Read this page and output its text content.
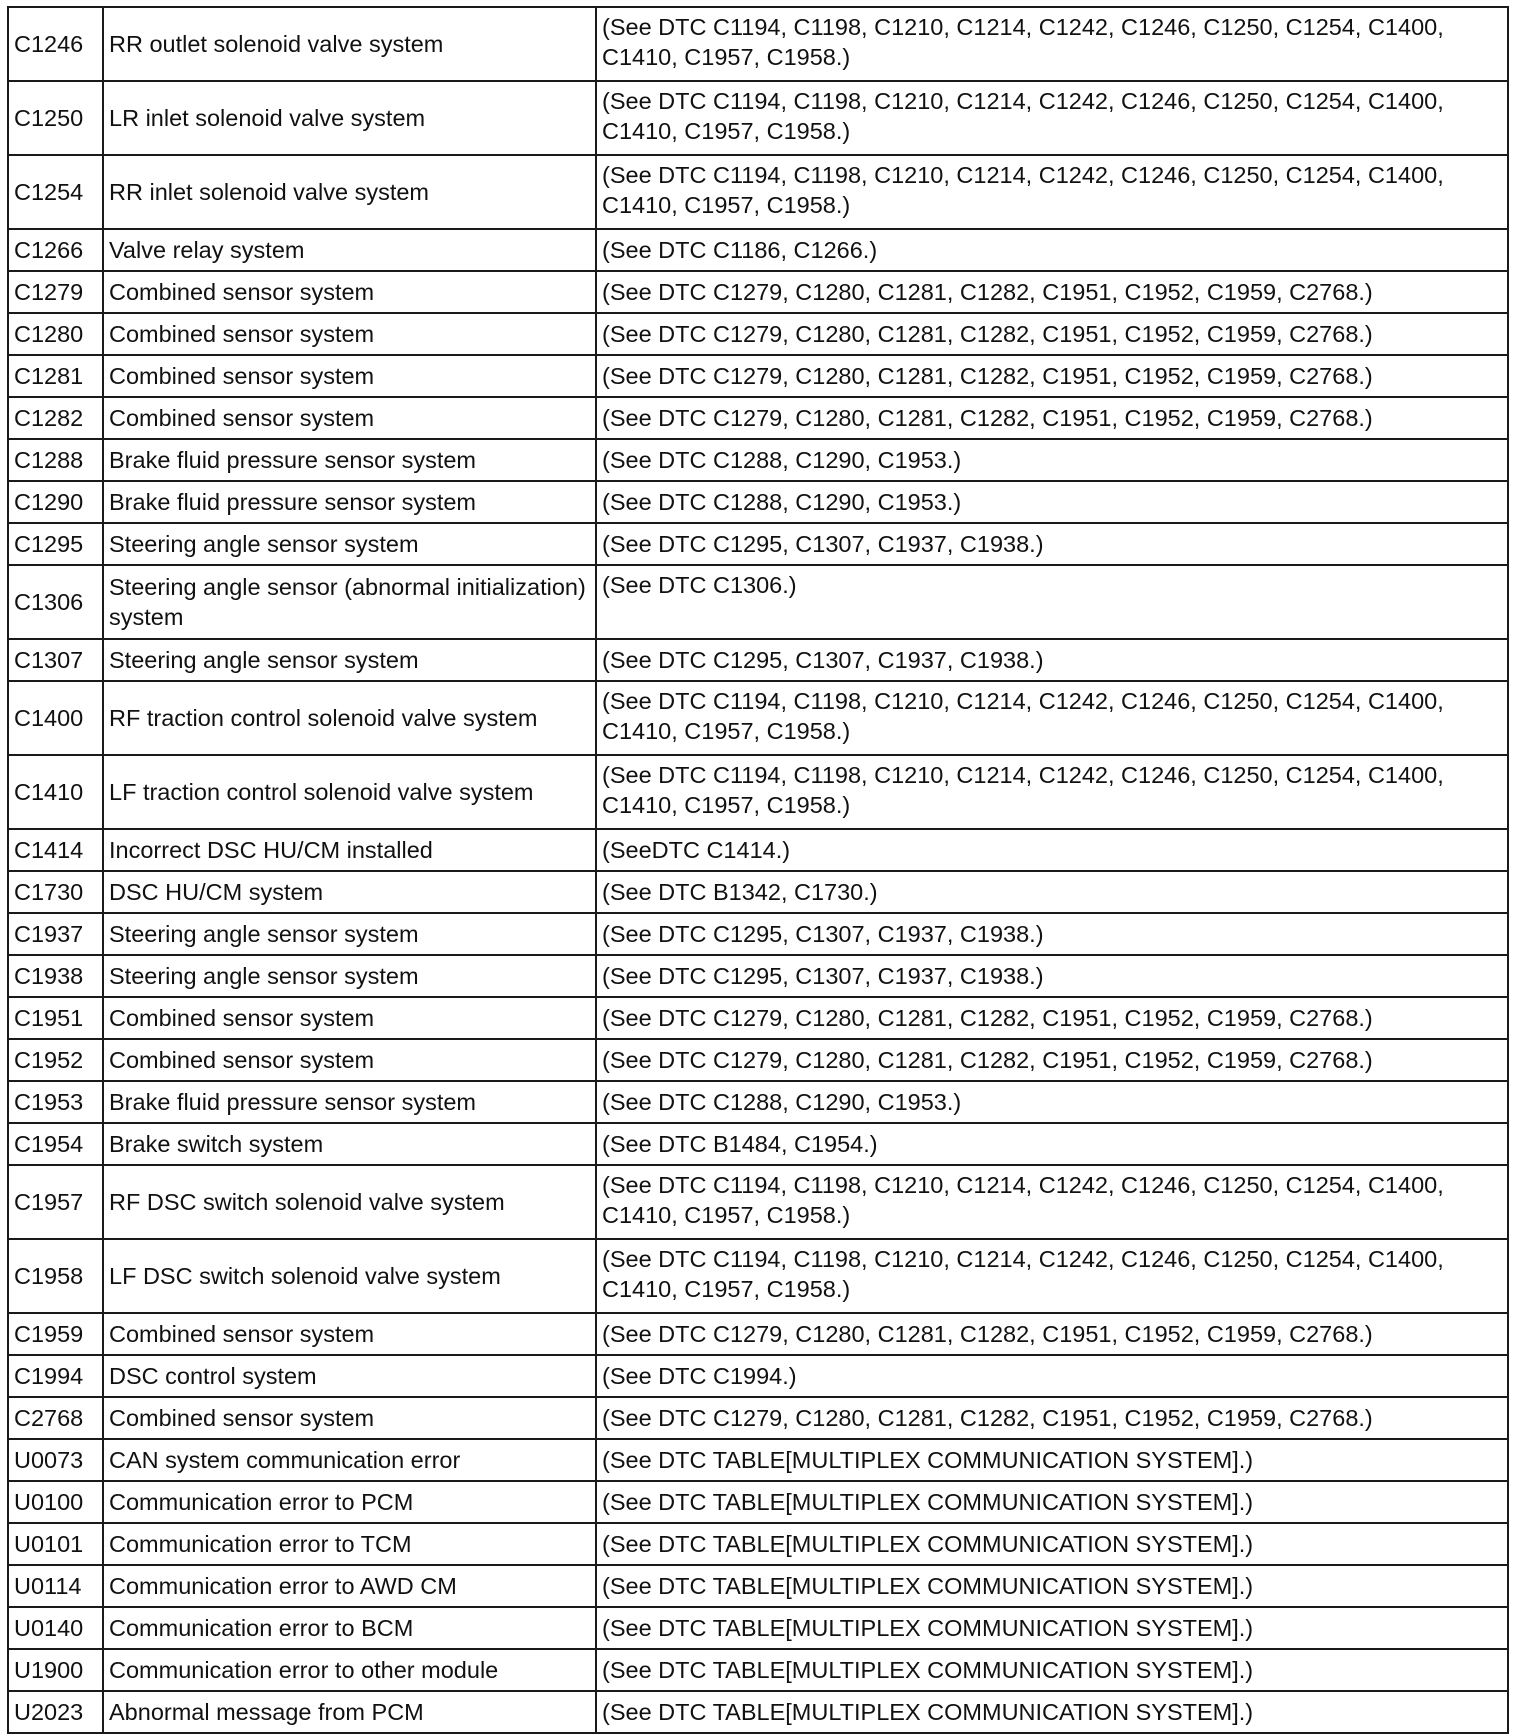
C1246	RR outlet solenoid valve system	(See DTC C1194, C1198, C1210, C1214, C1242, C1246, C1250, C1254, C1400, C1410, C1957, C1958.)
C1250	LR inlet solenoid valve system	(See DTC C1194, C1198, C1210, C1214, C1242, C1246, C1250, C1254, C1400, C1410, C1957, C1958.)
C1254	RR inlet solenoid valve system	(See DTC C1194, C1198, C1210, C1214, C1242, C1246, C1250, C1254, C1400, C1410, C1957, C1958.)
C1266	Valve relay system	(See DTC C1186, C1266.)
C1279	Combined sensor system	(See DTC C1279, C1280, C1281, C1282, C1951, C1952, C1959, C2768.)
C1280	Combined sensor system	(See DTC C1279, C1280, C1281, C1282, C1951, C1952, C1959, C2768.)
C1281	Combined sensor system	(See DTC C1279, C1280, C1281, C1282, C1951, C1952, C1959, C2768.)
C1282	Combined sensor system	(See DTC C1279, C1280, C1281, C1282, C1951, C1952, C1959, C2768.)
C1288	Brake fluid pressure sensor system	(See DTC C1288, C1290, C1953.)
C1290	Brake fluid pressure sensor system	(See DTC C1288, C1290, C1953.)
C1295	Steering angle sensor system	(See DTC C1295, C1307, C1937, C1938.)
C1306	Steering angle sensor (abnormal initialization) system	(See DTC C1306.)
C1307	Steering angle sensor system	(See DTC C1295, C1307, C1937, C1938.)
C1400	RF traction control solenoid valve system	(See DTC C1194, C1198, C1210, C1214, C1242, C1246, C1250, C1254, C1400, C1410, C1957, C1958.)
C1410	LF traction control solenoid valve system	(See DTC C1194, C1198, C1210, C1214, C1242, C1246, C1250, C1254, C1400, C1410, C1957, C1958.)
C1414	Incorrect DSC HU/CM installed	(SeeDTC C1414.)
C1730	DSC HU/CM system	(See DTC B1342, C1730.)
C1937	Steering angle sensor system	(See DTC C1295, C1307, C1937, C1938.)
C1938	Steering angle sensor system	(See DTC C1295, C1307, C1937, C1938.)
C1951	Combined sensor system	(See DTC C1279, C1280, C1281, C1282, C1951, C1952, C1959, C2768.)
C1952	Combined sensor system	(See DTC C1279, C1280, C1281, C1282, C1951, C1952, C1959, C2768.)
C1953	Brake fluid pressure sensor system	(See DTC C1288, C1290, C1953.)
C1954	Brake switch system	(See DTC B1484, C1954.)
C1957	RF DSC switch solenoid valve system	(See DTC C1194, C1198, C1210, C1214, C1242, C1246, C1250, C1254, C1400, C1410, C1957, C1958.)
C1958	LF DSC switch solenoid valve system	(See DTC C1194, C1198, C1210, C1214, C1242, C1246, C1250, C1254, C1400, C1410, C1957, C1958.)
C1959	Combined sensor system	(See DTC C1279, C1280, C1281, C1282, C1951, C1952, C1959, C2768.)
C1994	DSC control system	(See DTC C1994.)
C2768	Combined sensor system	(See DTC C1279, C1280, C1281, C1282, C1951, C1952, C1959, C2768.)
U0073	CAN system communication error	(See DTC TABLE[MULTIPLEX COMMUNICATION SYSTEM].)
U0100	Communication error to PCM	(See DTC TABLE[MULTIPLEX COMMUNICATION SYSTEM].)
U0101	Communication error to TCM	(See DTC TABLE[MULTIPLEX COMMUNICATION SYSTEM].)
U0114	Communication error to AWD CM	(See DTC TABLE[MULTIPLEX COMMUNICATION SYSTEM].)
U0140	Communication error to BCM	(See DTC TABLE[MULTIPLEX COMMUNICATION SYSTEM].)
U1900	Communication error to other module	(See DTC TABLE[MULTIPLEX COMMUNICATION SYSTEM].)
U2023	Abnormal message from PCM	(See DTC TABLE[MULTIPLEX COMMUNICATION SYSTEM].)
